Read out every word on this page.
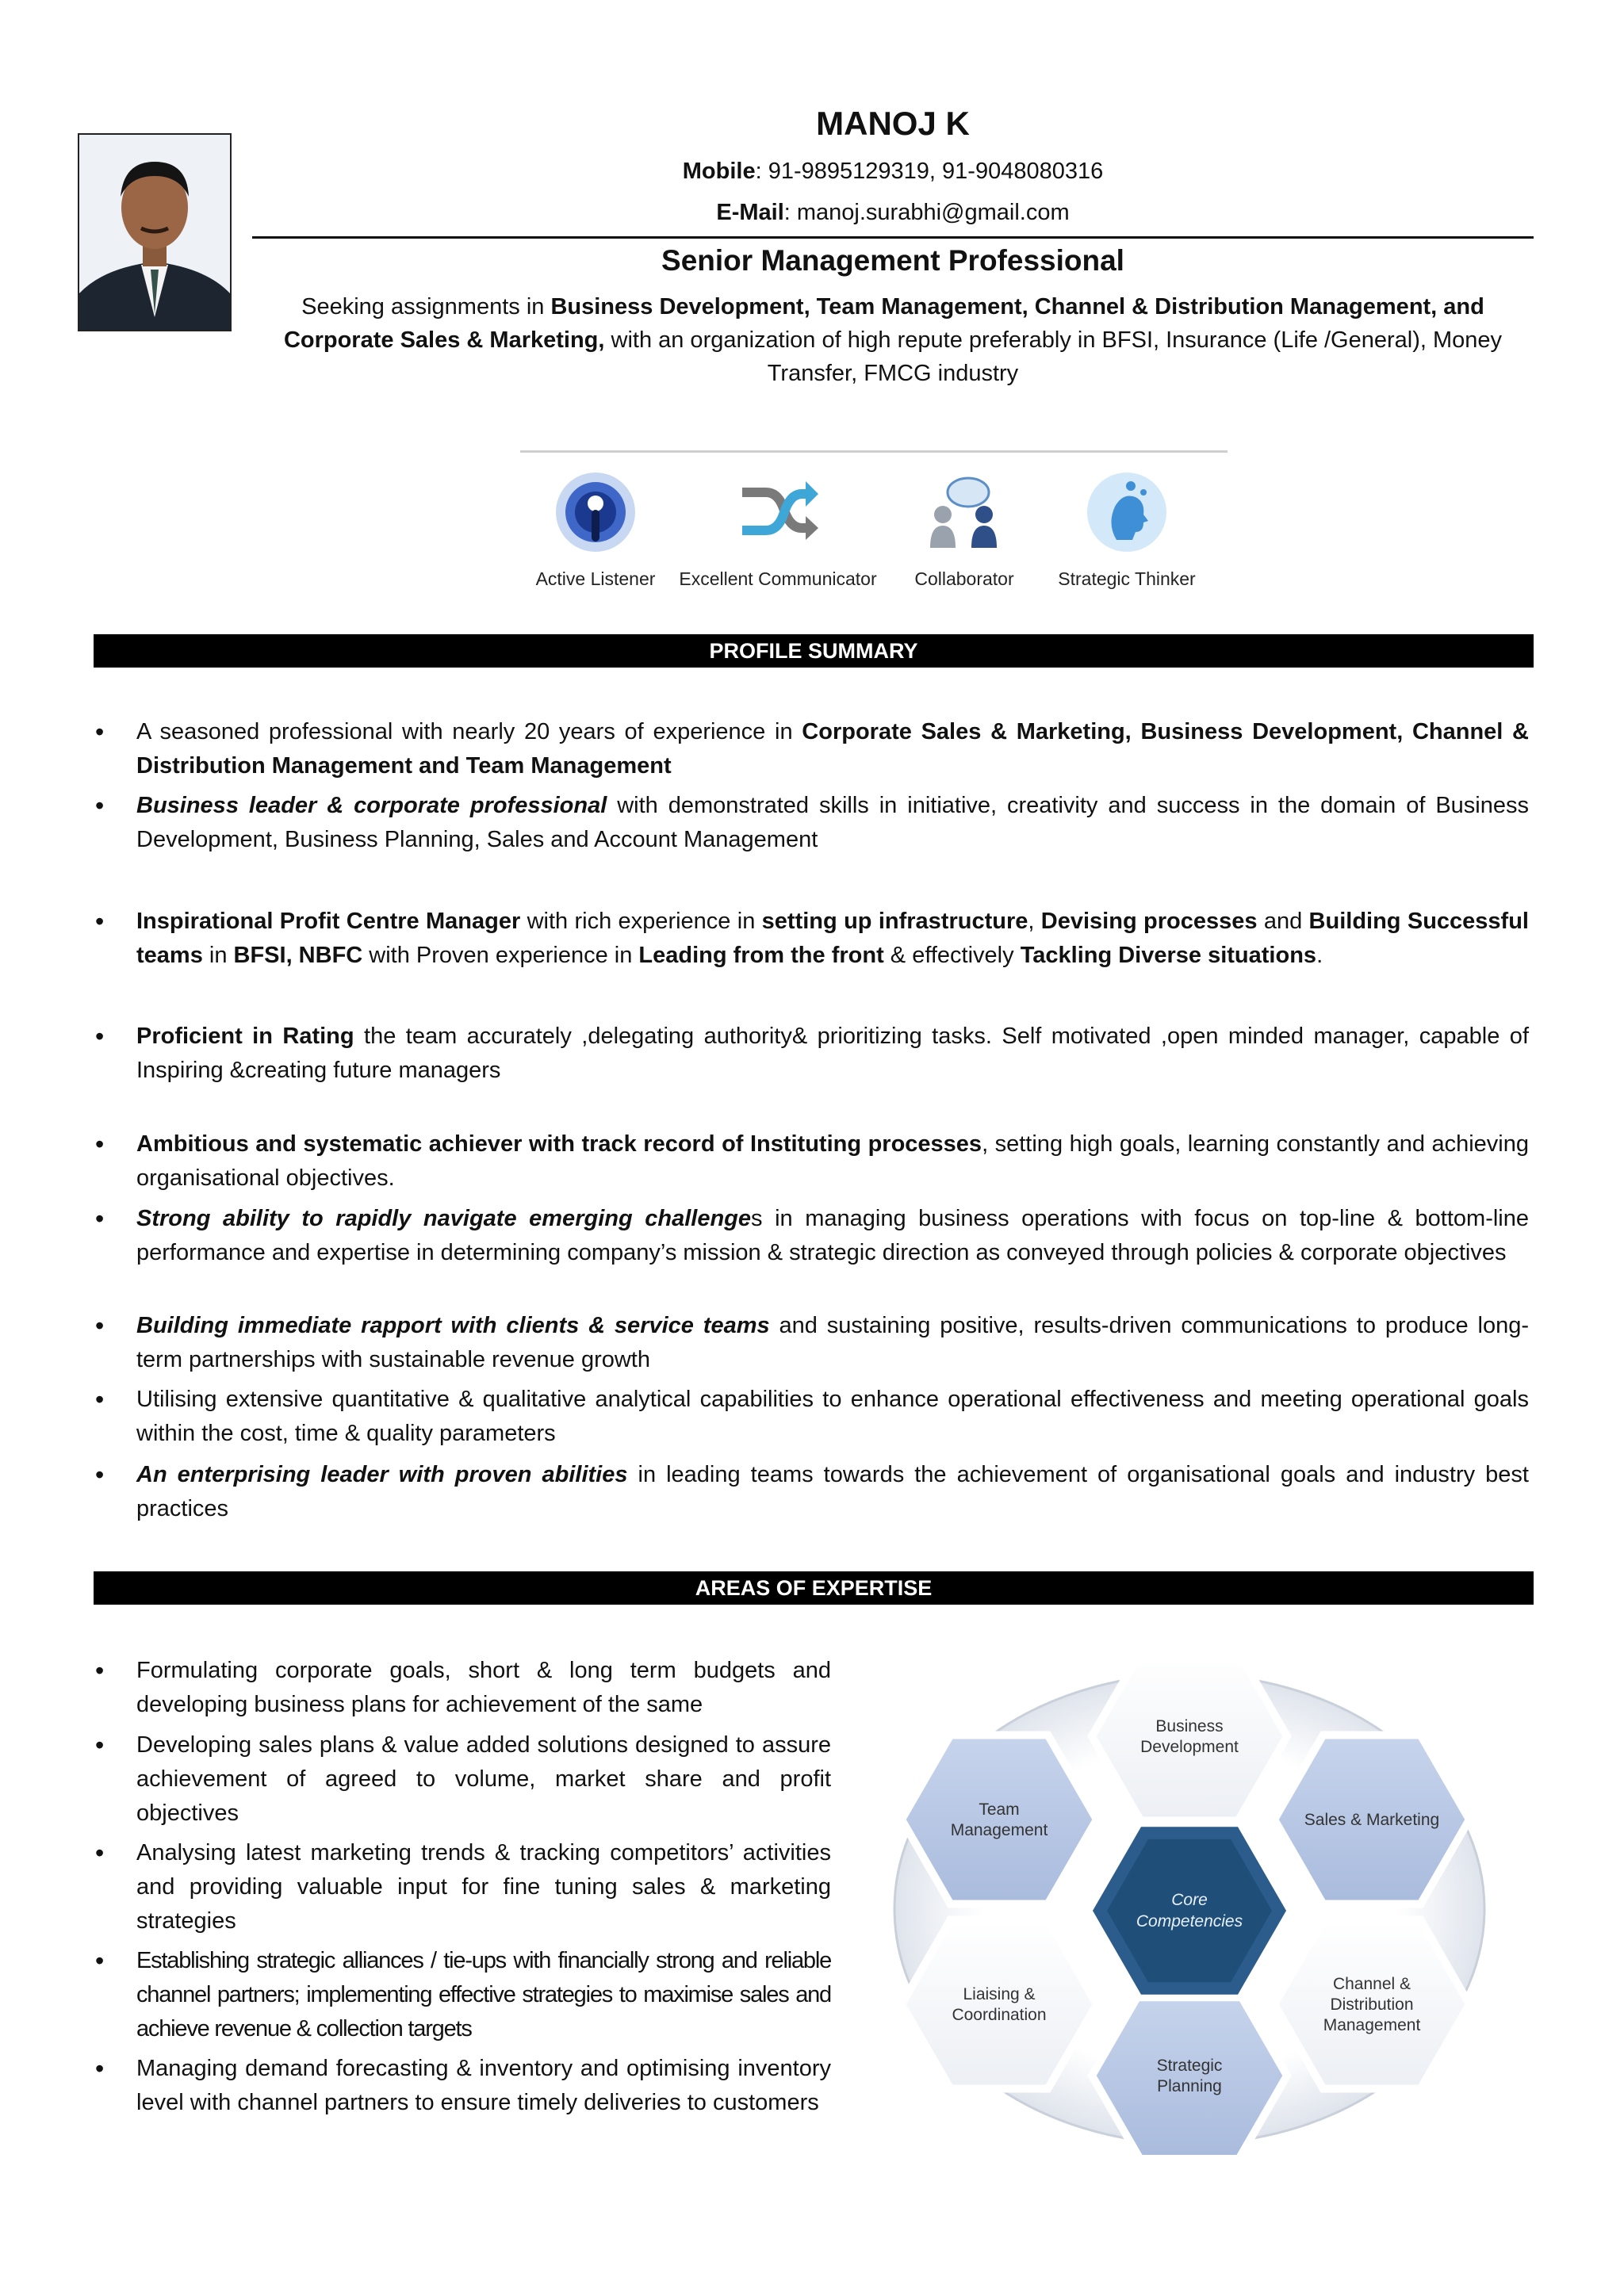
MANOJ K
Mobile: 91-9895129319, 91-9048080316
E-Mail: manoj.surabhi@gmail.com
Senior Management Professional
Seeking assignments in Business Development, Team Management, Channel & Distribution Management, and Corporate Sales & Marketing, with an organization of high repute preferably in BFSI, Insurance (Life /General), Money Transfer, FMCG industry
Active Listener	Excellent Communicator	Collaborator	Strategic Thinker
PROFILE SUMMARY
• A seasoned professional with nearly 20 years of experience in Corporate Sales & Marketing, Business Development, Channel & Distribution Management and Team Management
• Business leader & corporate professional with demonstrated skills in initiative, creativity and success in the domain of Business Development, Business Planning, Sales and Account Management
• Inspirational Profit Centre Manager with rich experience in setting up infrastructure, Devising processes and Building Successful teams in BFSI, NBFC with Proven experience in Leading from the front & effectively Tackling Diverse situations.
• Proficient in Rating the team accurately ,delegating authority& prioritizing tasks. Self motivated ,open minded manager, capable of Inspiring &creating future managers
• Ambitious and systematic achiever with track record of Instituting processes, setting high goals, learning constantly and achieving organisational objectives.
• Strong ability to rapidly navigate emerging challenges in managing business operations with focus on top-line & bottom-line performance and expertise in determining company’s mission & strategic direction as conveyed through policies & corporate objectives
• Building immediate rapport with clients & service teams and sustaining positive, results-driven communications to produce long-term partnerships with sustainable revenue growth
• Utilising extensive quantitative & qualitative analytical capabilities to enhance operational effectiveness and meeting operational goals within the cost, time & quality parameters
• An enterprising leader with proven abilities in leading teams towards the achievement of organisational goals and industry best practices
AREAS OF EXPERTISE
• Formulating corporate goals, short & long term budgets and developing business plans for achievement of the same
• Developing sales plans & value added solutions designed to assure achievement of agreed to volume, market share and profit objectives
• Analysing latest marketing trends & tracking competitors’ activities and providing valuable input for fine tuning sales & marketing strategies
• Establishing strategic alliances / tie-ups with financially strong and reliable channel partners; implementing effective strategies to maximise sales and achieve revenue & collection targets
• Managing demand forecasting & inventory and optimising inventory level with channel partners to ensure timely deliveries to customers
Business
Development
Sales & Marketing
Channel &
Distribution
Management
Strategic
Planning
Liaising &
Coordination
Team
Management
Core
Competencies
